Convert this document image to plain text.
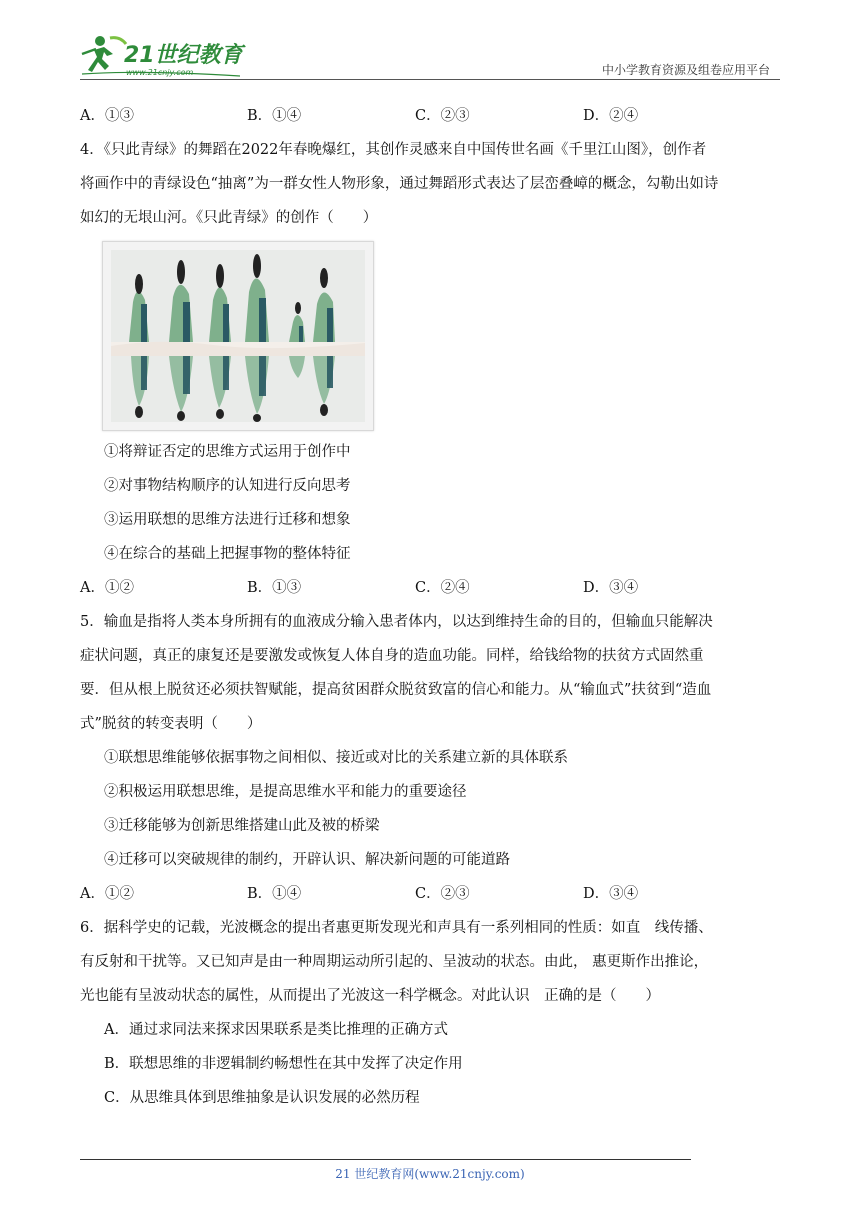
21世纪教育
www.21cnjy.com	中小学教育资源及组卷应用平台
A．①③	B．①④	C．②③	D．②④
4．《只此青绿》的舞蹈在2022年春晚爆红，其创作灵感来自中国传世名画《千里江山图》，创作者
将画作中的青绿设色“抽离”为一群女性人物形象，通过舞蹈形式表达了层峦叠嶂的概念，勾勒出如诗
如幻的无垠山河。《只此青绿》的创作（　　）
①将辩证否定的思维方式运用于创作中
②对事物结构顺序的认知进行反向思考
③运用联想的思维方法进行迁移和想象
④在综合的基础上把握事物的整体特征
A．①②	B．①③	C．②④	D．③④
5．输血是指将人类本身所拥有的血液成分输入患者体内，以达到维持生命的目的，但输血只能解决
症状问题，真正的康复还是要激发或恢复人体自身的造血功能。同样，给钱给物的扶贫方式固然重
要．但从根上脱贫还必须扶智赋能，提高贫困群众脱贫致富的信心和能力。从“输血式”扶贫到“造血
式”脱贫的转变表明（　　）
①联想思维能够依据事物之间相似、接近或对比的关系建立新的具体联系
②积极运用联想思维，是提高思维水平和能力的重要途径
③迁移能够为创新思维搭建山此及被的桥梁
④迁移可以突破规律的制约，开辟认识、解决新问题的可能道路
A．①②	B．①④	C．②③	D．③④
6．据科学史的记载，光波概念的提出者惠更斯发现光和声具有一系列相同的性质：如直　线传播、
有反射和干扰等。又已知声是由一种周期运动所引起的、呈波动的状态。由此， 惠更斯作出推论，
光也能有呈波动状态的属性，从而提出了光波这一科学概念。对此认识　正确的是（　　）
A．通过求同法来探求因果联系是类比推理的正确方式
B．联想思维的非逻辑制约畅想性在其中发挥了决定作用
C．从思维具体到思维抽象是认识发展的必然历程
21 世纪教育网(www.21cnjy.com)
